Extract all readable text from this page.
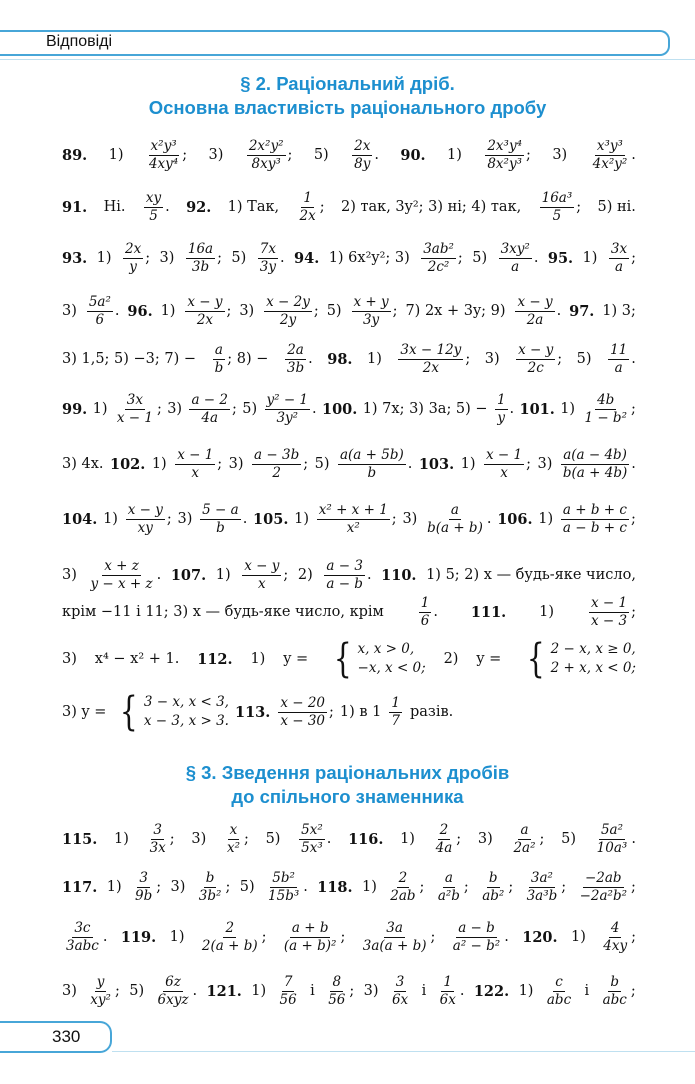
Відповіді
§ 2. Раціональний дріб.
Основна властивість раціонального дробу
89. $1) \frac{\text{x²y³}}{\text{4xy⁴}}$ ; $3) \frac{\text{2x²y²}}{\text{8xy³}}$ ; $5) \frac{2x}{8y}$ . 90. $1) \frac{\text{2x³y⁴}}{\text{8x²y³}}$ ; $3) \frac{\text{x³y³}}{\text{4x²y²}}$ .
91. Ні. $\frac{xy}{5}$ . 92. 1) Так, $\frac{1}{2x}$ ; 2) так, 3y²; 3) ні; 4) так, $\frac{\text{16a³}}{5}$ ; 5) ні.
93. $1) \frac{2x}{y}$ ; $3) \frac{16a}{3b}$ ; $5) \frac{7x}{3y}$ . 94. 1) 6x²y²; $3) \frac{\text{3ab²}}{\text{2c²}}$ ; $5) \frac{\text{3xy²}}{a}$ . 95. $1) \frac{3x}{a}$ ;
$3) \frac{\text{5a²}}{6}$ . 96. $1) \frac{x - y}{2x}$ ; $3) \frac{x - 2y}{2y}$ ; $5) \frac{x + y}{3y}$ ; 7) 2x + 3y; $9) \frac{x - y}{2a}$ . 97. 1) 3;
3) 1,5; 5) −3; $7) - \frac{a}{b}$ ; $8) - \frac{2a}{3b}$ . 98. $1) \frac{3x - 12y}{2x}$ ; $3) \frac{x - y}{2c}$ ; $5) \frac{11}{a}$ .
99. $1) \frac{3x}{x - 1}$ ; $3) \frac{a - 2}{4a}$ ; $5) \frac{\text{y² − 1}}{\text{3y²}}$ . 100. 1) 7x; 3) 3a; $5) - \frac{1}{y}$ . 101. $1) \frac{4b}{\text{1 − b²}}$ ;
3) 4x. 102. $1) \frac{x - 1}{x}$ ; $3) \frac{a - 3b}{2}$ ; $5) \frac{a(a + 5b)}{b}$ . 103. $1) \frac{x - 1}{x}$ ; $3) \frac{a(a - 4b)}{b(a + 4b)}$ .
104. $1) \frac{x - y}{xy}$ ; $3) \frac{5 - a}{b}$ . 105. $1) \frac{\text{x² + x + 1}}{\text{x²}}$ ; $3) \frac{a}{b(a + b)}$ . 106. $1) \frac{a + b + c}{a - b + c}$ ;
$3) \frac{x + z}{y - x + z}$ . 107. $1) \frac{x - y}{x}$ ; $2) \frac{a - 3}{a - b}$ . 110. 1) 5; 2) x — будь-яке число,
крім −11 і 11; 3) x — будь-яке число, крім	$\frac{1}{6}$ . 111. 1)	$\frac{x - 1}{x - 3}$ ;
3) x⁴ − x² + 1. 112. 1) y = { x, x > 0,
−x, x < 0;
2) y = { 2 − x, x ≥ 0,
2 + x, x < 0;
3) y = { 3 − x, x < 3,
x − 3, x > 3.
113. $\frac{x - 20}{x - 30}$ ; 1) в $1 \frac{1}{7}$ разів.
§ 3. Зведення раціональних дробів
до спільного знаменника
115. $1) \frac{3}{3x}$ ; $3) \frac{x}{\text{x²}}$ ; $5) \frac{\text{5x²}}{\text{5x³}}$ . 116. $1) \frac{2}{4a}$ ; $3) \frac{a}{\text{2a²}}$ ; $5) \frac{\text{5a²}}{\text{10a³}}$ .
117. $1) \frac{3}{9b}$ ; $3) \frac{b}{\text{3b²}}$ ; $5) \frac{\text{5b²}}{\text{15b³}}$ . 118. $1) \frac{2}{2ab}$ ; $\frac{a}{\text{a²b}}$ ; $\frac{b}{\text{ab²}}$ ; $\frac{\text{3a²}}{\text{3a³b}}$ ; $\frac{-2ab}{\text{−2a²b²}}$ ;
$\frac{3c}{\text{3abc}}$ . 119. $1) \frac{2}{2(a + b)}$ ; $\frac{a + b}{\text{(a + b)²}}$ ; $\frac{3a}{3a(a + b)}$ ; $\frac{a - b}{\text{a² − b²}}$ . 120. $1) \frac{4}{4xy}$ ;
$3) \frac{y}{\text{xy²}}$ ; $5) \frac{6z}{\text{6xyz}}$ . 121. $1) \frac{7}{56}$ і $\frac{8}{56}$ ; $3) \frac{3}{6x}$ і $\frac{1}{6x}$ . 122. $1) \frac{c}{\text{abc}}$ і $\frac{b}{\text{abc}}$ ;
330
